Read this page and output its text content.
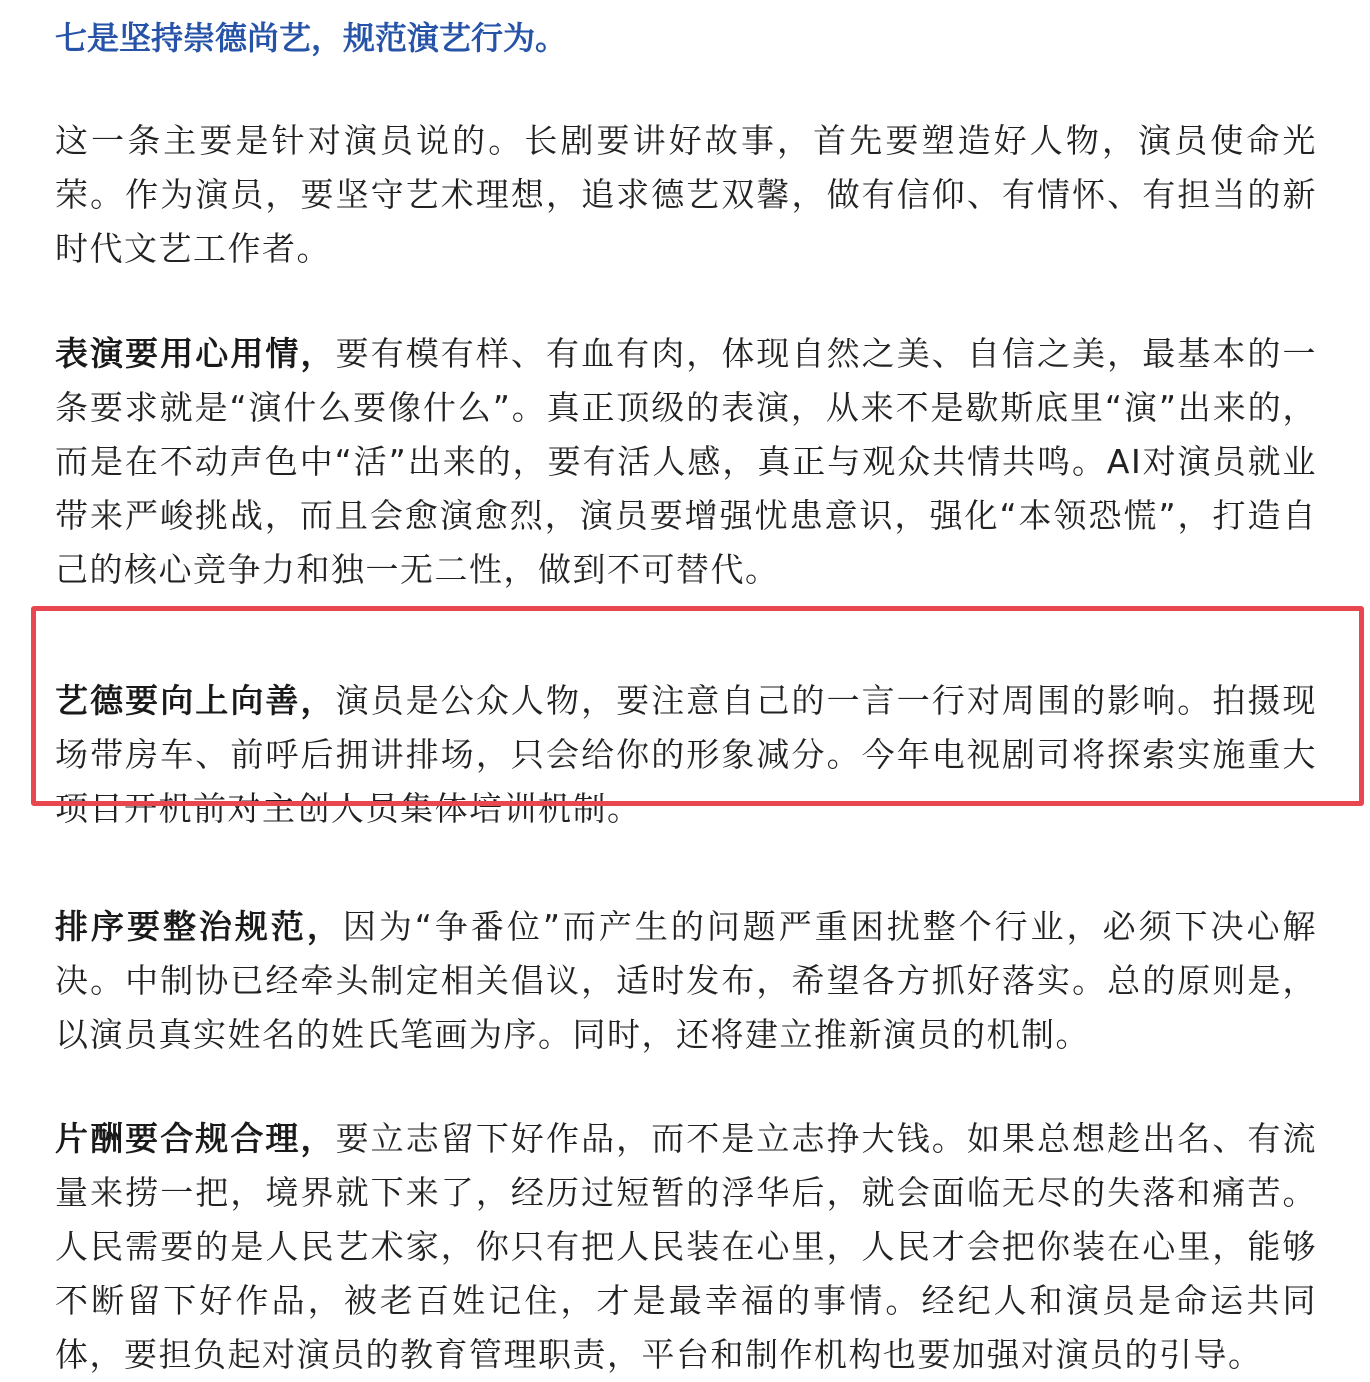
七是坚持崇德尚艺，规范演艺行为。

这一条主要是针对演员说的。长剧要讲好故事，首先要塑造好人物，演员使命光荣。作为演员，要坚守艺术理想，追求德艺双馨，做有信仰、有情怀、有担当的新时代文艺工作者。

表演要用心用情，要有模有样、有血有肉，体现自然之美、自信之美，最基本的一条要求就是“演什么要像什么”。真正顶级的表演，从来不是歇斯底里“演”出来的，而是在不动声色中“活”出来的，要有活人感，真正与观众共情共鸣。AI对演员就业带来严峻挑战，而且会愈演愈烈，演员要增强忧患意识，强化“本领恐慌”，打造自己的核心竞争力和独一无二性，做到不可替代。

艺德要向上向善，演员是公众人物，要注意自己的一言一行对周围的影响。拍摄现场带房车、前呼后拥讲排场，只会给你的形象减分。今年电视剧司将探索实施重大项目开机前对主创人员集体培训机制。

排序要整治规范，因为“争番位”而产生的问题严重困扰整个行业，必须下决心解决。中制协已经牵头制定相关倡议，适时发布，希望各方抓好落实。总的原则是，以演员真实姓名的姓氏笔画为序。同时，还将建立推新演员的机制。

片酬要合规合理，要立志留下好作品，而不是立志挣大钱。如果总想趁出名、有流量来捞一把，境界就下来了，经历过短暂的浮华后，就会面临无尽的失落和痛苦。人民需要的是人民艺术家，你只有把人民装在心里，人民才会把你装在心里，能够不断留下好作品，被老百姓记住，才是最幸福的事情。经纪人和演员是命运共同体，要担负起对演员的教育管理职责，平台和制作机构也要加强对演员的引导。
